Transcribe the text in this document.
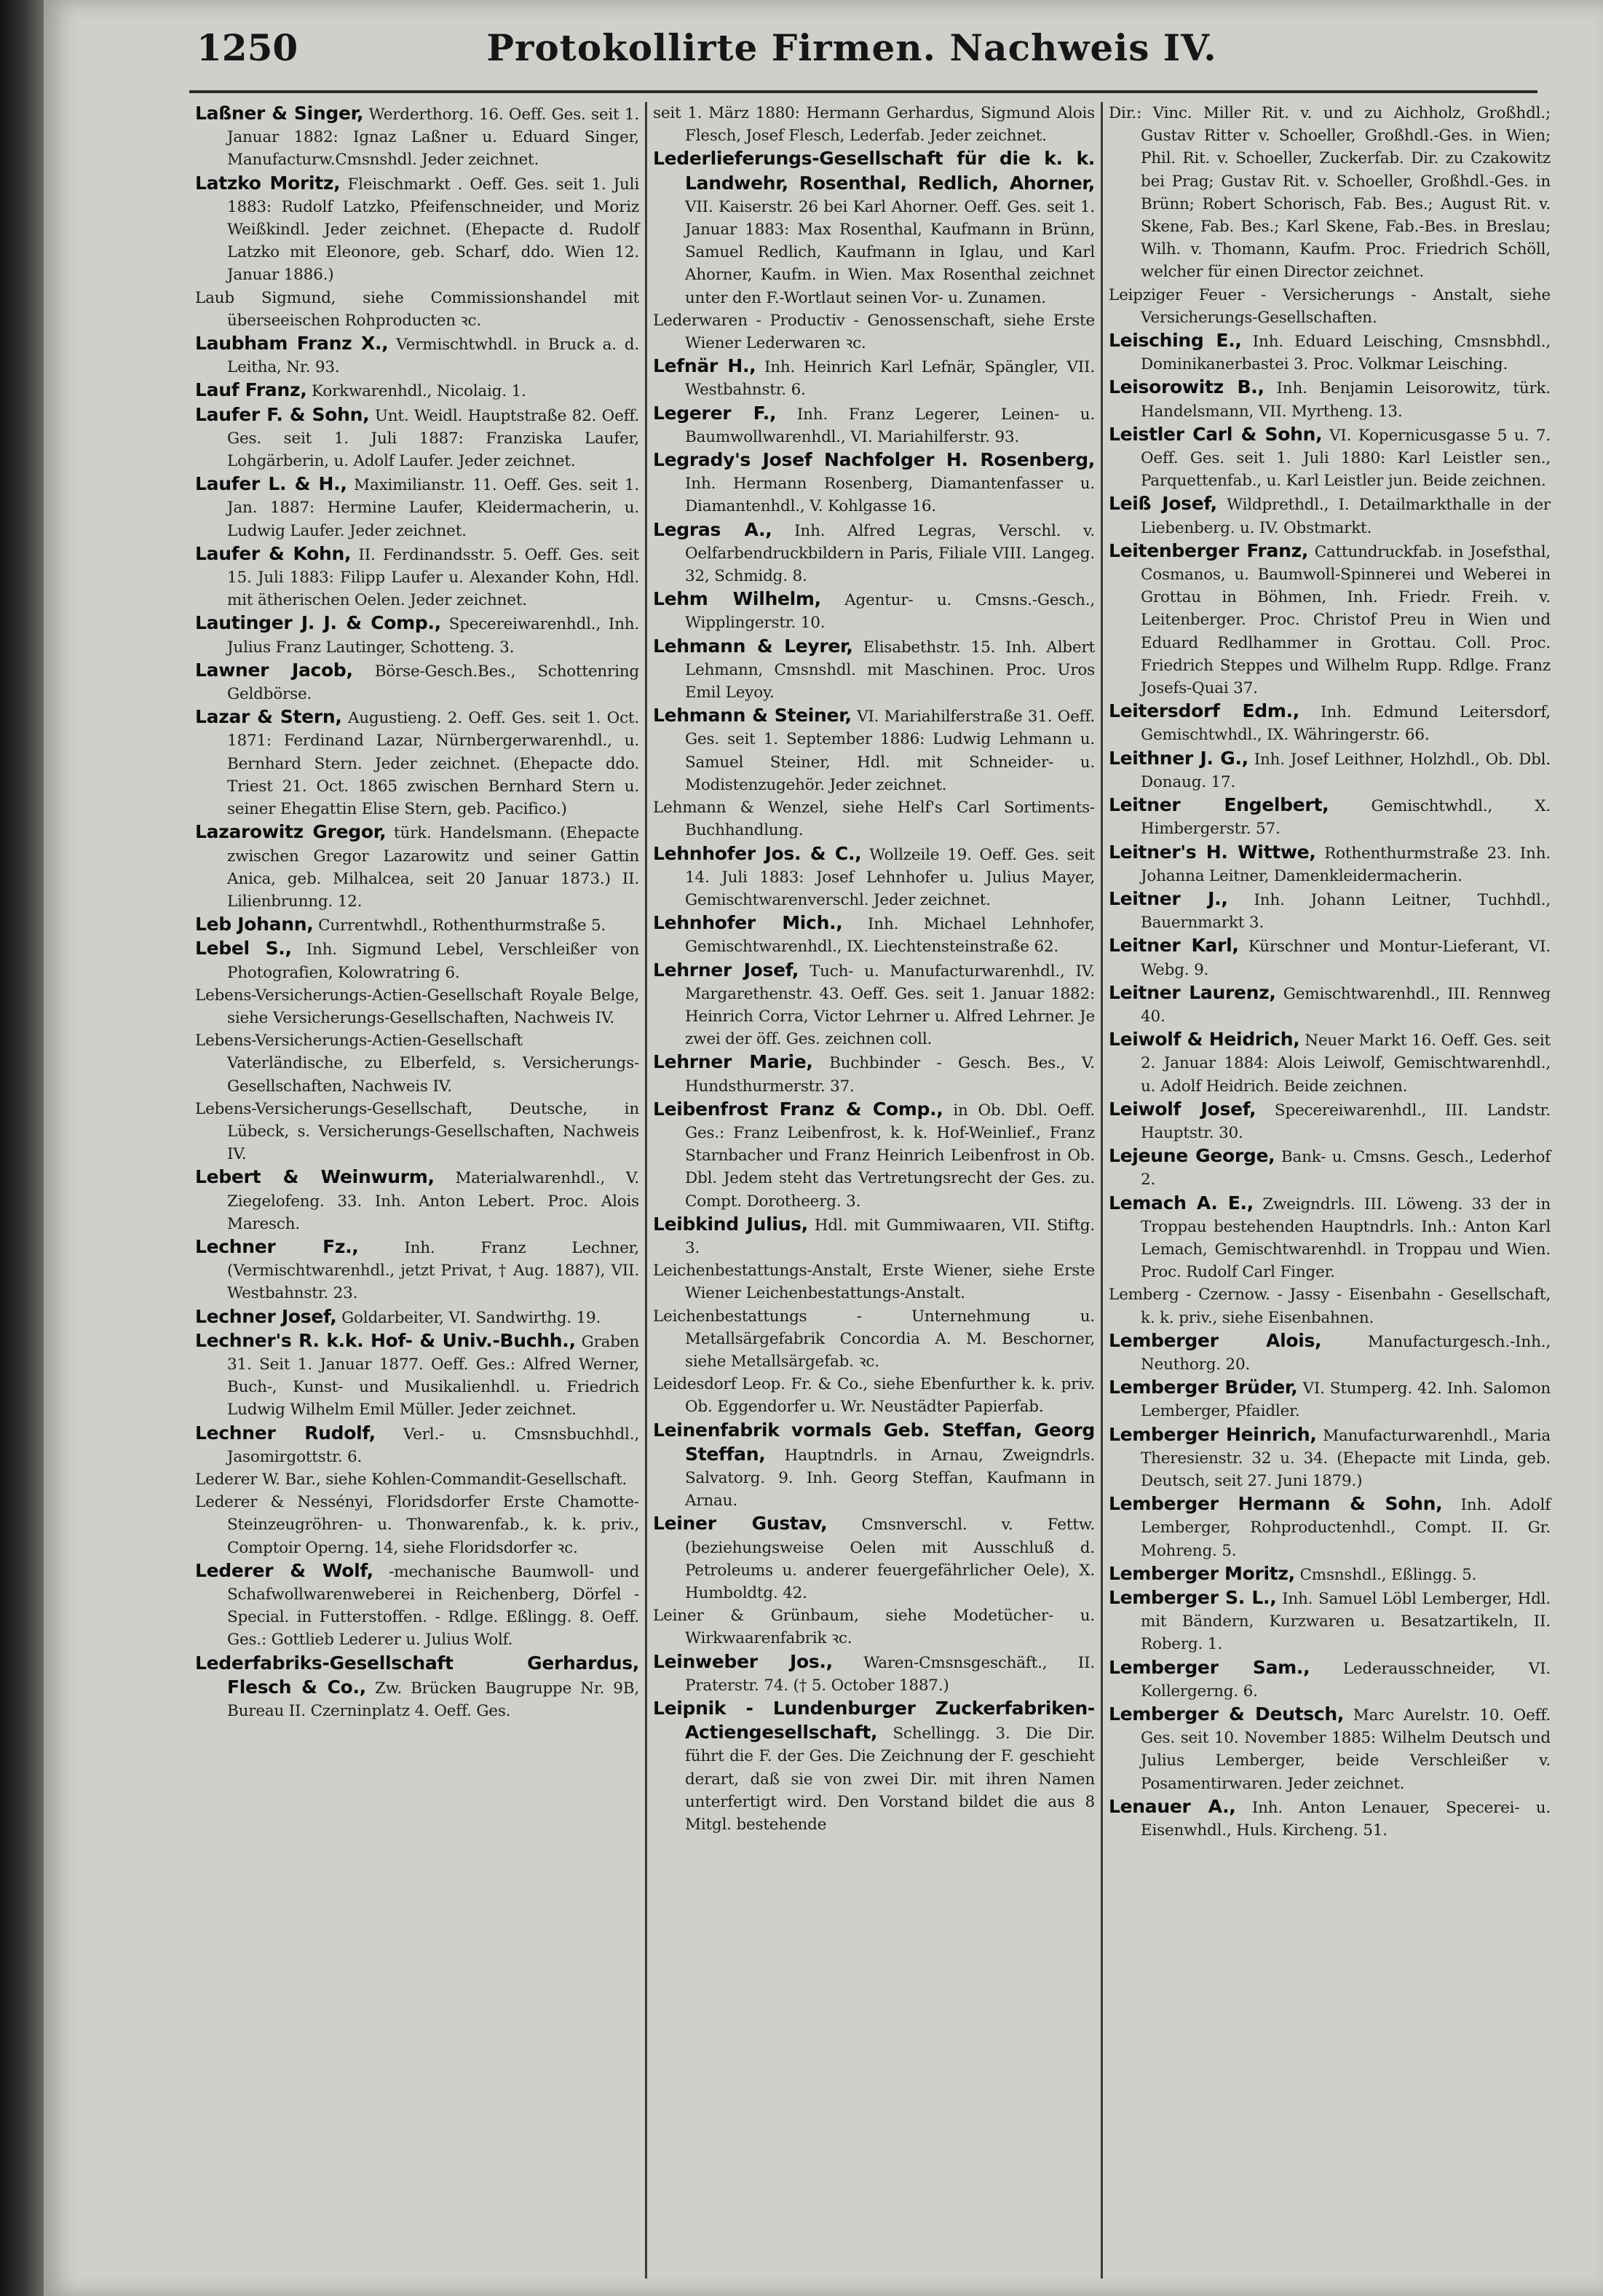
1250	Protokollirte Firmen. Nachweis IV.

Laßner & Singer, Werderthorg. 16. Oeff. Ges. seit 1. Januar 1882: Ignaz Laßner u. Eduard Singer, Manufacturw.Cmsnshdl. Jeder zeichnet.

Latzko Moritz, Fleischmarkt . Oeff. Ges. seit 1. Juli 1883: Rudolf Latzko, Pfeifenschneider, und Moriz Weißkindl. Jeder zeichnet. (Ehepacte d. Rudolf Latzko mit Eleonore, geb. Scharf, ddo. Wien 12. Januar 1886.)

Laub Sigmund, siehe Commissionshandel mit überseeischen Rohproducten ꝛc.

Laubham Franz X., Vermischtwhdl. in Bruck a. d. Leitha, Nr. 93.

Lauf Franz, Korkwarenhdl., Nicolaig. 1.

Laufer F. & Sohn, Unt. Weidl. Hauptstraße 82. Oeff. Ges. seit 1. Juli 1887: Franziska Laufer, Lohgärberin, u. Adolf Laufer. Jeder zeichnet.

Laufer L. & H., Maximilianstr. 11. Oeff. Ges. seit 1. Jan. 1887: Hermine Laufer, Kleidermacherin, u. Ludwig Laufer. Jeder zeichnet.

Laufer & Kohn, II. Ferdinandsstr. 5. Oeff. Ges. seit 15. Juli 1883: Filipp Laufer u. Alexander Kohn, Hdl. mit ätherischen Oelen. Jeder zeichnet.

Lautinger J. J. & Comp., Specereiwarenhdl., Inh. Julius Franz Lautinger, Schotteng. 3.

Lawner Jacob, Börse-Gesch.Bes., Schottenring Geldbörse.

Lazar & Stern, Augustieng. 2. Oeff. Ges. seit 1. Oct. 1871: Ferdinand Lazar, Nürnbergerwarenhdl., u. Bernhard Stern. Jeder zeichnet. (Ehepacte ddo. Triest 21. Oct. 1865 zwischen Bernhard Stern u. seiner Ehegattin Elise Stern, geb. Pacifico.)

Lazarowitz Gregor, türk. Handelsmann. (Ehepacte zwischen Gregor Lazarowitz und seiner Gattin Anica, geb. Milhalcea, seit 20 Januar 1873.) II. Lilienbrunng. 12.

Leb Johann, Currentwhdl., Rothenthurmstraße 5.

Lebel S., Inh. Sigmund Lebel, Verschleißer von Photografien, Kolowratring 6.

Lebens-Versicherungs-Actien-Gesellschaft Royale Belge, siehe Versicherungs-Gesellschaften, Nachweis IV.

Lebens-Versicherungs-Actien-Gesellschaft Vaterländische, zu Elberfeld, s. Versicherungs-Gesellschaften, Nachweis IV.

Lebens-Versicherungs-Gesellschaft, Deutsche, in Lübeck, s. Versicherungs-Gesellschaften, Nachweis IV.

Lebert & Weinwurm, Materialwarenhdl., V. Ziegelofeng. 33. Inh. Anton Lebert. Proc. Alois Maresch.

Lechner Fz.,	Inh. Franz Lechner, (Vermischtwarenhdl., jetzt Privat, † Aug. 1887), VII. Westbahnstr. 23.

Lechner Josef, Goldarbeiter, VI. Sandwirthg. 19.

Lechner's R. k.k. Hof- & Univ.-Buchh., Graben 31. Seit 1. Januar 1877. Oeff. Ges.: Alfred Werner, Buch-, Kunst- und Musikalienhdl. u. Friedrich Ludwig Wilhelm Emil Müller. Jeder zeichnet.

Lechner Rudolf, Verl.- u. Cmsnsbuchhdl., Jasomirgottstr. 6.

Lederer W. Bar., siehe Kohlen-Commandit-Gesellschaft.

Lederer & Nessényi, Floridsdorfer Erste Chamotte-Steinzeugröhren- u. Thonwarenfab., k. k. priv., Comptoir Operng. 14, siehe Floridsdorfer ꝛc.

Lederer & Wolf, -mechanische Baumwoll- und Schafwollwarenweberei in Reichenberg, Dörfel - Special. in Futterstoffen. - Rdlge. Eßlingg. 8. Oeff. Ges.: Gottlieb Lederer u. Julius Wolf.

Lederfabriks-Gesellschaft Gerhardus, Flesch & Co., Zw. Brücken Baugruppe Nr. 9B, Bureau II. Czerninplatz 4. Oeff. Ges.

seit 1. März 1880: Hermann Gerhardus, Sigmund Alois Flesch, Josef Flesch, Lederfab. Jeder zeichnet.

Lederlieferungs-Gesellschaft für die k. k. Landwehr, Rosenthal, Redlich, Ahorner, VII. Kaiserstr. 26 bei Karl Ahorner. Oeff. Ges. seit 1. Januar 1883: Max Rosenthal, Kaufmann in Brünn, Samuel Redlich, Kaufmann in Iglau, und Karl Ahorner, Kaufm. in Wien. Max Rosenthal zeichnet unter den F.-Wortlaut seinen Vor- u. Zunamen.

Lederwaren - Productiv - Genossenschaft, siehe Erste Wiener Lederwaren ꝛc.

Lefnär H., Inh. Heinrich Karl Lefnär, Spängler, VII. Westbahnstr. 6.

Legerer F., Inh. Franz Legerer, Leinen- u. Baumwollwarenhdl., VI. Mariahilferstr. 93.

Legrady's Josef Nachfolger H. Rosenberg, Inh. Hermann Rosenberg, Diamantenfasser u. Diamantenhdl., V. Kohlgasse 16.

Legras A., Inh. Alfred Legras, Verschl. v. Oelfarbendruckbildern in Paris, Filiale VIII. Langeg. 32, Schmidg. 8.

Lehm Wilhelm, Agentur- u. Cmsns.-Gesch., Wipplingerstr. 10.

Lehmann & Leyrer, Elisabethstr. 15. Inh. Albert Lehmann, Cmsnshdl. mit Maschinen. Proc. Uros Emil Leyoy.

Lehmann & Steiner, VI. Mariahilferstraße 31. Oeff. Ges. seit 1. September 1886: Ludwig Lehmann u. Samuel Steiner, Hdl. mit Schneider- u. Modistenzugehör. Jeder zeichnet.

Lehmann & Wenzel, siehe Helf's Carl Sortiments-Buchhandlung.

Lehnhofer Jos. & C., Wollzeile 19. Oeff. Ges. seit 14. Juli 1883: Josef Lehnhofer u. Julius Mayer, Gemischtwarenverschl. Jeder zeichnet.

Lehnhofer Mich., Inh. Michael Lehnhofer, Gemischtwarenhdl., IX. Liechtensteinstraße 62.

Lehrner Josef, Tuch- u. Manufacturwarenhdl., IV. Margarethenstr. 43. Oeff. Ges. seit 1. Januar 1882: Heinrich Corra, Victor Lehrner u. Alfred Lehrner. Je zwei der öff. Ges. zeichnen coll.

Lehrner Marie, Buchbinder - Gesch. Bes., V. Hundsthurmerstr. 37.

Leibenfrost Franz & Comp., in Ob. Dbl. Oeff. Ges.: Franz Leibenfrost, k. k. Hof-Weinlief., Franz Starnbacher und Franz Heinrich Leibenfrost in Ob. Dbl. Jedem steht das Vertretungsrecht der Ges. zu. Compt. Dorotheerg. 3.

Leibkind Julius, Hdl. mit Gummiwaaren, VII. Stiftg. 3.

Leichenbestattungs-Anstalt, Erste Wiener, siehe Erste Wiener Leichenbestattungs-Anstalt.

Leichenbestattungs - Unternehmung u. Metallsärgefabrik Concordia A. M. Beschorner, siehe Metallsärgefab. ꝛc.

Leidesdorf Leop. Fr. & Co., siehe Ebenfurther k. k. priv. Ob. Eggendorfer u. Wr. Neustädter Papierfab.

Leinenfabrik vormals Geb. Steffan, Georg Steffan, Hauptndrls. in Arnau, Zweigndrls. Salvatorg. 9. Inh. Georg Steffan, Kaufmann in Arnau.

Leiner Gustav, Cmsnverschl. v. Fettw. (beziehungsweise Oelen mit Ausschluß d. Petroleums u. anderer feuergefährlicher Oele), X. Humboldtg. 42.

Leiner & Grünbaum, siehe Modetücher- u. Wirkwaarenfabrik ꝛc.

Leinweber Jos., Waren-Cmsnsgeschäft., II. Praterstr. 74. († 5. October 1887.)

Leipnik - Lundenburger Zuckerfabriken-Actiengesellschaft, Schellingg. 3. Die Dir. führt die F. der Ges. Die Zeichnung der F. geschieht derart, daß sie von zwei Dir. mit ihren Namen unterfertigt wird. Den Vorstand bildet die aus 8 Mitgl. bestehende

Dir.: Vinc. Miller Rit. v. und zu Aichholz, Großhdl.; Gustav Ritter v. Schoeller, Großhdl.-Ges. in Wien; Phil. Rit. v. Schoeller, Zuckerfab. Dir. zu Czakowitz bei Prag; Gustav Rit. v. Schoeller, Großhdl.-Ges. in Brünn; Robert Schorisch, Fab. Bes.; August Rit. v. Skene, Fab. Bes.; Karl Skene, Fab.-Bes. in Breslau; Wilh. v. Thomann, Kaufm. Proc. Friedrich Schöll, welcher für einen Director zeichnet.

Leipziger Feuer - Versicherungs - Anstalt, siehe Versicherungs-Gesellschaften.

Leisching E., Inh. Eduard Leisching, Cmsnsbhdl., Dominikanerbastei 3. Proc. Volkmar Leisching.

Leisorowitz B., Inh. Benjamin Leisorowitz, türk. Handelsmann, VII. Myrtheng. 13.

Leistler Carl & Sohn, VI. Kopernicusgasse 5 u. 7. Oeff. Ges. seit 1. Juli 1880: Karl Leistler sen., Parquettenfab., u. Karl Leistler jun. Beide zeichnen.

Leiß Josef, Wildprethdl., I. Detailmarkthalle in der Liebenberg. u. IV. Obstmarkt.

Leitenberger Franz, Cattundruckfab. in Josefsthal, Cosmanos, u. Baumwoll-Spinnerei und Weberei in Grottau in Böhmen, Inh. Friedr. Freih. v. Leitenberger. Proc. Christof Preu in Wien und Eduard Redlhammer in Grottau. Coll. Proc. Friedrich Steppes und Wilhelm Rupp. Rdlge. Franz Josefs-Quai 37.

Leitersdorf Edm., Inh. Edmund Leitersdorf, Gemischtwhdl., IX. Währingerstr. 66.

Leithner J. G., Inh. Josef Leithner, Holzhdl., Ob. Dbl. Donaug. 17.

Leitner Engelbert,	Gemischtwhdl., X. Himbergerstr. 57.

Leitner's H. Wittwe, Rothenthurmstraße 23. Inh. Johanna Leitner, Damenkleidermacherin.

Leitner J., Inh. Johann Leitner, Tuchhdl., Bauernmarkt 3.

Leitner Karl, Kürschner und Montur-Lieferant, VI. Webg. 9.

Leitner Laurenz, Gemischtwarenhdl., III. Rennweg 40.

Leiwolf & Heidrich, Neuer Markt 16. Oeff. Ges. seit 2. Januar 1884: Alois Leiwolf, Gemischtwarenhdl., u. Adolf Heidrich. Beide zeichnen.

Leiwolf Josef, Specereiwarenhdl., III. Landstr. Hauptstr. 30.

Lejeune George, Bank- u. Cmsns. Gesch., Lederhof 2.

Lemach A. E., Zweigndrls. III. Löweng. 33 der in Troppau bestehenden Hauptndrls. Inh.: Anton Karl Lemach, Gemischtwarenhdl. in Troppau und Wien. Proc. Rudolf Carl Finger.

Lemberg - Czernow. - Jassy - Eisenbahn - Gesellschaft, k. k. priv., siehe Eisenbahnen.

Lemberger Alois,	Manufacturgesch.-Inh., Neuthorg. 20.

Lemberger Brüder, VI. Stumperg. 42. Inh. Salomon Lemberger, Pfaidler.

Lemberger Heinrich, Manufacturwarenhdl., Maria Theresienstr. 32 u. 34. (Ehepacte mit Linda, geb. Deutsch, seit 27. Juni 1879.)

Lemberger Hermann & Sohn, Inh. Adolf Lemberger, Rohproductenhdl., Compt. II. Gr. Mohreng. 5.

Lemberger Moritz, Cmsnshdl., Eßlingg. 5.

Lemberger S. L., Inh. Samuel Löbl Lemberger, Hdl. mit Bändern, Kurzwaren u. Besatzartikeln, II. Roberg. 1.

Lemberger Sam., Lederausschneider, VI. Kollergerng. 6.

Lemberger & Deutsch, Marc Aurelstr. 10. Oeff. Ges. seit 10. November 1885: Wilhelm Deutsch und Julius Lemberger, beide Verschleißer v. Posamentirwaren. Jeder zeichnet.

Lenauer A., Inh. Anton Lenauer, Specerei- u. Eisenwhdl., Huls. Kircheng. 51.
